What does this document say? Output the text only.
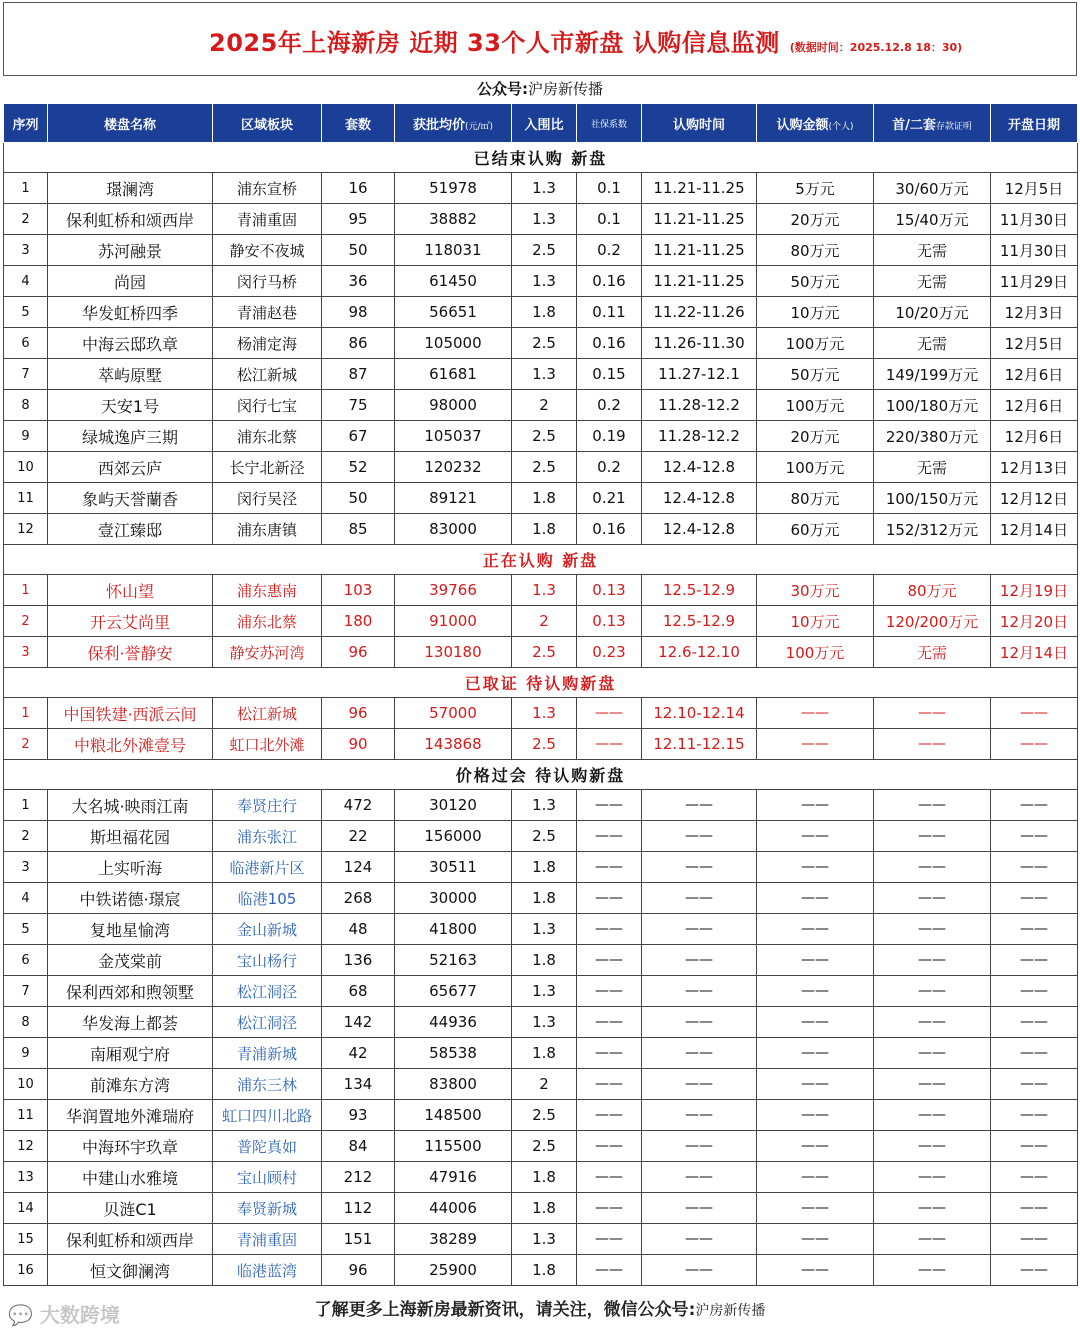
2025年上海新房 近期 33个人市新盘 认购信息监测 (数据时间：2025.12.8 18：30)
公众号:沪房新传播
序列	楼盘名称	区域板块	套数	获批均价(元/㎡)	入围比	社保系数	认购时间	认购金额(个人)	首/二套存款证明	开盘日期
已结束认购 新盘										
1	璟澜湾	浦东宣桥	16	51978	1.3	0.1	11.21-11.25	5万元	30/60万元	12月5日
2	保利虹桥和颂西岸	青浦重固	95	38882	1.3	0.1	11.21-11.25	20万元	15/40万元	11月30日
3	苏河融景	静安不夜城	50	118031	2.5	0.2	11.21-11.25	80万元	无需	11月30日
4	尚园	闵行马桥	36	61450	1.3	0.16	11.21-11.25	50万元	无需	11月29日
5	华发虹桥四季	青浦赵巷	98	56651	1.8	0.11	11.22-11.26	10万元	10/20万元	12月3日
6	中海云邸玖章	杨浦定海	86	105000	2.5	0.16	11.26-11.30	100万元	无需	12月5日
7	萃屿原墅	松江新城	87	61681	1.3	0.15	11.27-12.1	50万元	149/199万元	12月6日
8	天安1号	闵行七宝	75	98000	2	0.2	11.28-12.2	100万元	100/180万元	12月6日
9	绿城逸庐三期	浦东北蔡	67	105037	2.5	0.19	11.28-12.2	20万元	220/380万元	12月6日
10	西郊云庐	长宁北新泾	52	120232	2.5	0.2	12.4-12.8	100万元	无需	12月13日
11	象屿天誉蘭香	闵行吴泾	50	89121	1.8	0.21	12.4-12.8	80万元	100/150万元	12月12日
12	壹江臻邸	浦东唐镇	85	83000	1.8	0.16	12.4-12.8	60万元	152/312万元	12月14日
正在认购 新盘										
1	怀山望	浦东惠南	103	39766	1.3	0.13	12.5-12.9	30万元	80万元	12月19日
2	开云艾尚里	浦东北蔡	180	91000	2	0.13	12.5-12.9	10万元	120/200万元	12月20日
3	保利·誉静安	静安苏河湾	96	130180	2.5	0.23	12.6-12.10	100万元	无需	12月14日
已取证 待认购新盘										
1	中国铁建·西派云间	松江新城	96	57000	1.3	——	12.10-12.14	——	——	——
2	中粮北外滩壹号	虹口北外滩	90	143868	2.5	——	12.11-12.15	——	——	——
价格过会 待认购新盘										
1	大名城·映雨江南	奉贤庄行	472	30120	1.3	——	——	——	——	——
2	斯坦福花园	浦东张江	22	156000	2.5	——	——	——	——	——
3	上实听海	临港新片区	124	30511	1.8	——	——	——	——	——
4	中铁诺德·璟宸	临港105	268	30000	1.8	——	——	——	——	——
5	复地星愉湾	金山新城	48	41800	1.3	——	——	——	——	——
6	金茂棠前	宝山杨行	136	52163	1.8	——	——	——	——	——
7	保利西郊和煦领墅	松江洞泾	68	65677	1.3	——	——	——	——	——
8	华发海上都荟	松江洞泾	142	44936	1.3	——	——	——	——	——
9	南厢观宁府	青浦新城	42	58538	1.8	——	——	——	——	——
10	前滩东方湾	浦东三林	134	83800	2	——	——	——	——	——
11	华润置地外滩瑞府	虹口四川北路	93	148500	2.5	——	——	——	——	——
12	中海环宇玖章	普陀真如	84	115500	2.5	——	——	——	——	——
13	中建山水雅境	宝山顾村	212	47916	1.8	——	——	——	——	——
14	贝涟C1	奉贤新城	112	44006	1.8	——	——	——	——	——
15	保利虹桥和颂西岸	青浦重固	151	38289	1.3	——	——	——	——	——
16	恒文御澜湾	临港蓝湾	96	25900	1.8	——	——	——	——	——
💬 大数跨境	了解更多上海新房最新资讯，请关注，微信公众号:沪房新传播
